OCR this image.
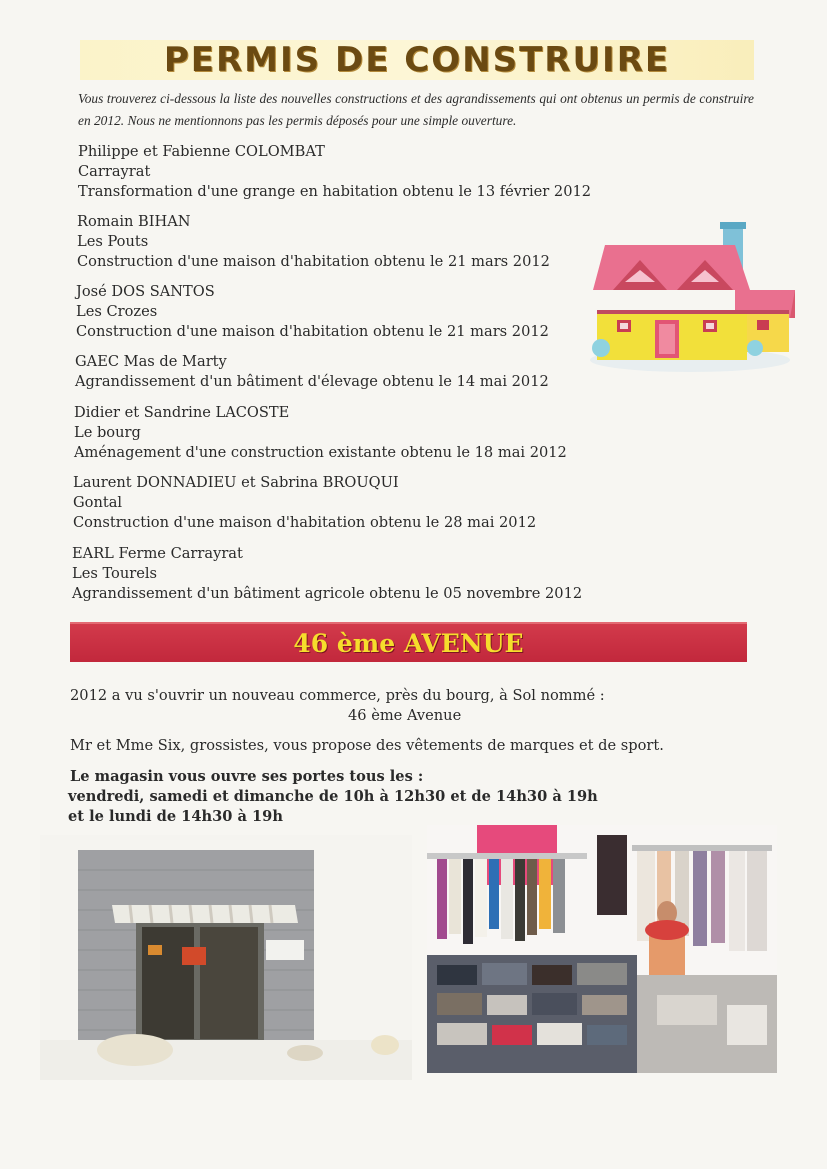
PERMIS DE CONSTRUIRE
Vous trouverez ci-dessous la liste des nouvelles constructions et des agrandissements qui ont obtenus un permis de construire en 2012. Nous ne mentionnons pas les permis déposés pour une simple ouverture.
Philippe et Fabienne COLOMBAT
Carrayrat
Transformation d'une grange en habitation obtenu le 13 février 2012
Romain BIHAN
Les Pouts
Construction d'une maison d'habitation obtenu le 21 mars 2012
José DOS SANTOS
Les Crozes
Construction d'une maison d'habitation obtenu le 21 mars 2012
GAEC Mas de Marty
Agrandissement d'un bâtiment d'élevage obtenu le 14 mai 2012
Didier et Sandrine LACOSTE
Le bourg
Aménagement d'une construction existante obtenu le 18 mai 2012
Laurent DONNADIEU et Sabrina BROUQUI
Gontal
Construction d'une maison d'habitation obtenu le 28 mai 2012
EARL Ferme Carrayrat
Les Tourels
Agrandissement d'un bâtiment agricole obtenu le 05 novembre 2012
46 ème AVENUE
2012 a vu s'ouvrir un nouveau commerce, près du bourg, à Sol nommé :
46 ème Avenue
Mr et Mme Six, grossistes, vous propose des vêtements de marques et de sport.
Le magasin vous ouvre ses portes tous les :
vendredi, samedi et dimanche de 10h à 12h30 et de 14h30 à 19h
et le lundi de 14h30 à 19h
